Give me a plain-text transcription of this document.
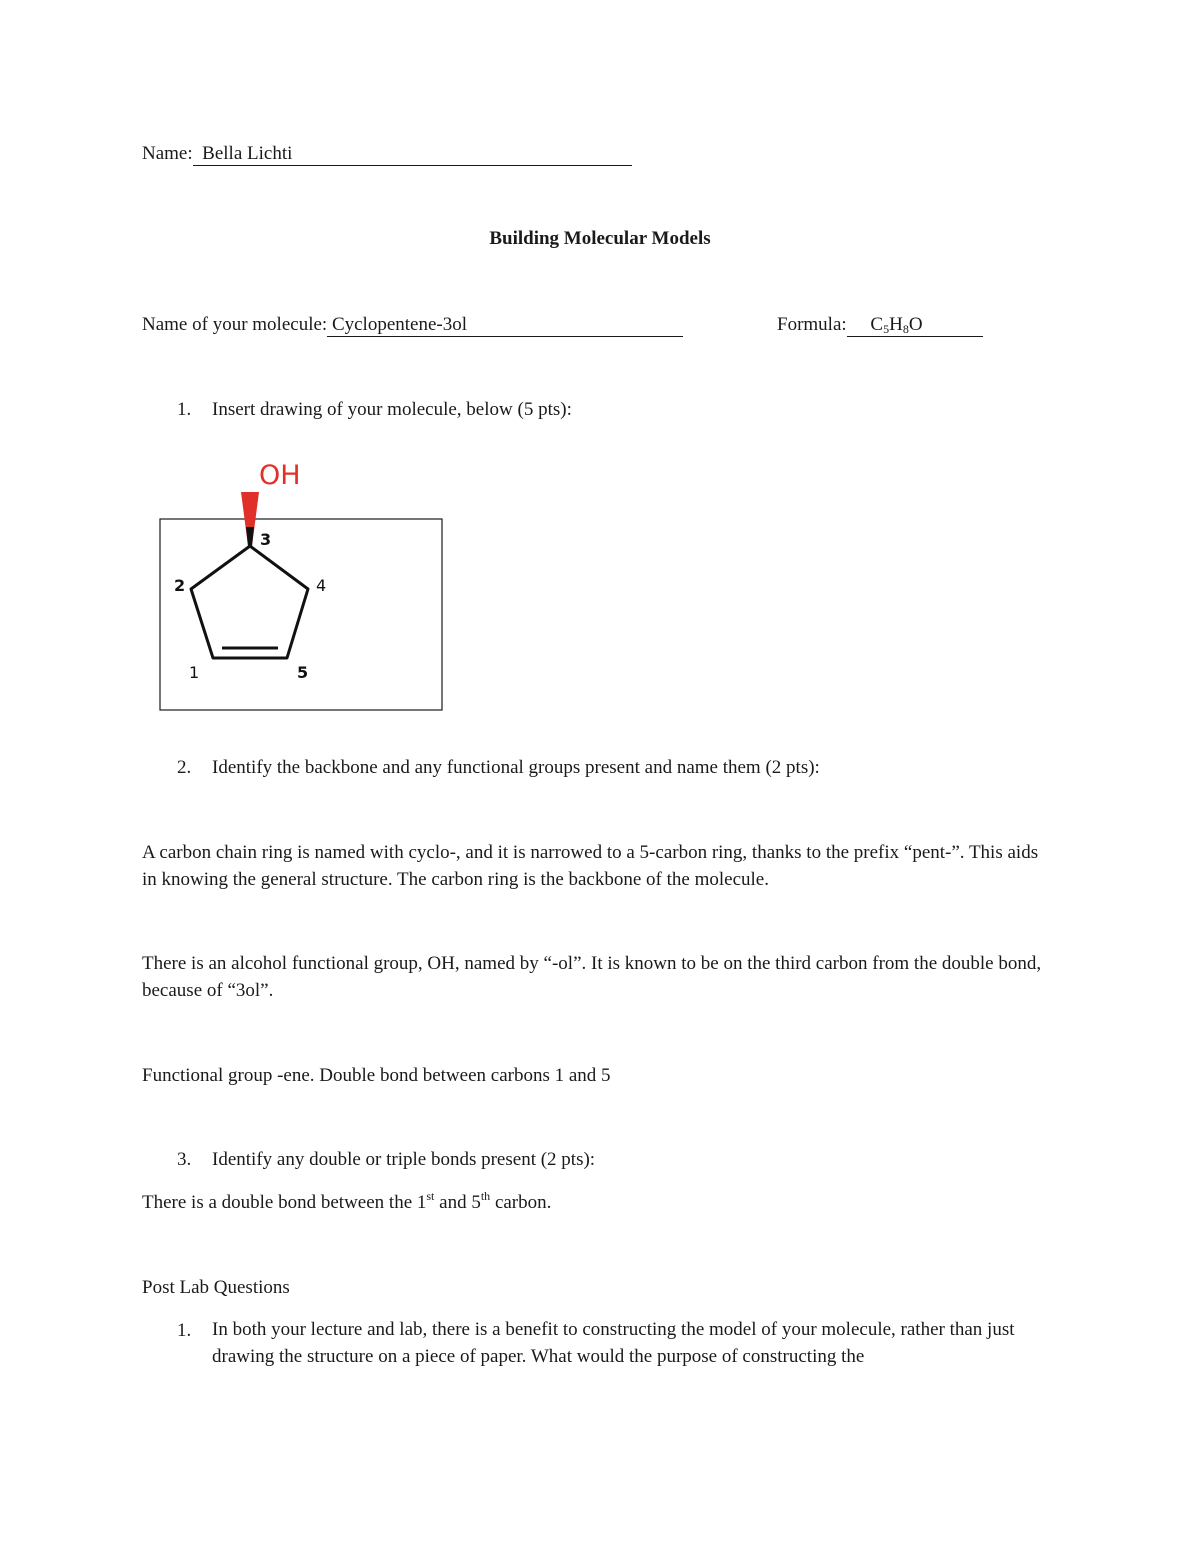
Name: Bella Lichti
Building Molecular Models
Name of your molecule: Cyclopentene-3ol	Formula: $C_5H_8O$
1. Insert drawing of your molecule, below (5 pts):
OH
1
2
3
4
5
2. Identify the backbone and any functional groups present and name them (2 pts):
A carbon chain ring is named with cyclo-, and it is narrowed to a 5-carbon ring, thanks to the prefix “pent-”. This aids in knowing the general structure. The carbon ring is the backbone of the molecule.
There is an alcohol functional group, OH, named by “-ol”. It is known to be on the third carbon from the double bond, because of “3ol”.
Functional group -ene. Double bond between carbons 1 and 5
3. Identify any double or triple bonds present (2 pts):
There is a double bond between the 1st and 5th carbon.
Post Lab Questions
1. In both your lecture and lab, there is a benefit to constructing the model of your molecule, rather than just drawing the structure on a piece of paper. What would the purpose of constructing the
